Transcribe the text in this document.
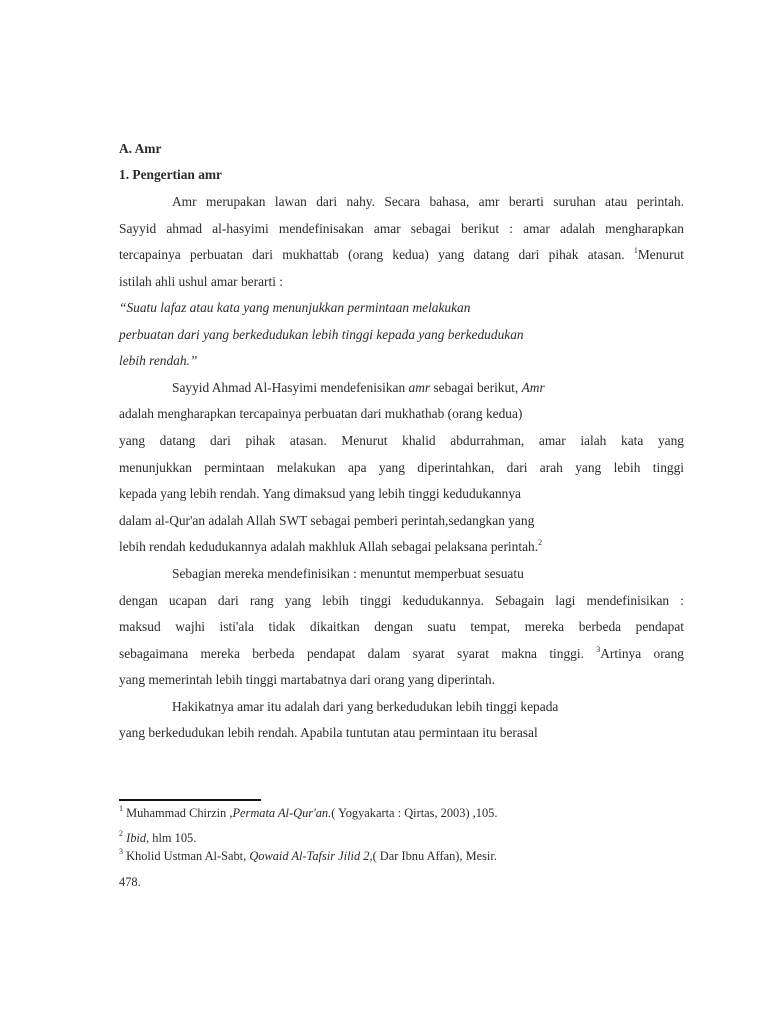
A. Amr
1. Pengertian amr
Amr merupakan lawan dari nahy. Secara bahasa, amr berarti suruhan atau perintah.
Sayyid ahmad al-hasyimi mendefinisakan amar sebagai berikut : amar adalah mengharapkan
tercapainya perbuatan dari mukhattab (orang kedua) yang datang dari pihak atasan. $^1$Menurut
istilah ahli ushul amar berarti :
“Suatu lafaz atau kata yang menunjukkan permintaan melakukan
perbuatan dari yang berkedudukan lebih tinggi kepada yang berkedudukan
lebih rendah.”
Sayyid Ahmad Al-Hasyimi mendefenisikan amr sebagai berikut, Amr
adalah mengharapkan tercapainya perbuatan dari mukhathab (orang kedua)
yang datang dari pihak atasan. Menurut khalid abdurrahman, amar ialah kata yang
menunjukkan permintaan melakukan apa yang diperintahkan, dari arah yang lebih tinggi
kepada yang lebih rendah. Yang dimaksud yang lebih tinggi kedudukannya
dalam al-Qur'an adalah Allah SWT sebagai pemberi perintah,sedangkan yang
lebih rendah kedudukannya adalah makhluk Allah sebagai pelaksana perintah.$^2$
Sebagian mereka mendefinisikan : menuntut memperbuat sesuatu
dengan ucapan dari rang yang lebih tinggi kedudukannya. Sebagain lagi mendefinisikan :
maksud wajhi isti'ala tidak dikaitkan dengan suatu tempat, mereka berbeda pendapat
sebagaimana mereka berbeda pendapat dalam syarat syarat makna tinggi. $^3$Artinya orang
yang memerintah lebih tinggi martabatnya dari orang yang diperintah.
Hakikatnya amar itu adalah dari yang berkedudukan lebih tinggi kepada
yang berkedudukan lebih rendah. Apabila tuntutan atau permintaan itu berasal
$^1$ Muhammad Chirzin ,Permata Al-Qur'an.( Yogyakarta : Qirtas, 2003) ,105.
$^2$ Ibid, hlm 105.
$^3$ Kholid Ustman Al-Sabt, Qowaid Al-Tafsir Jilid 2,( Dar Ibnu Affan), Mesir.
478.
